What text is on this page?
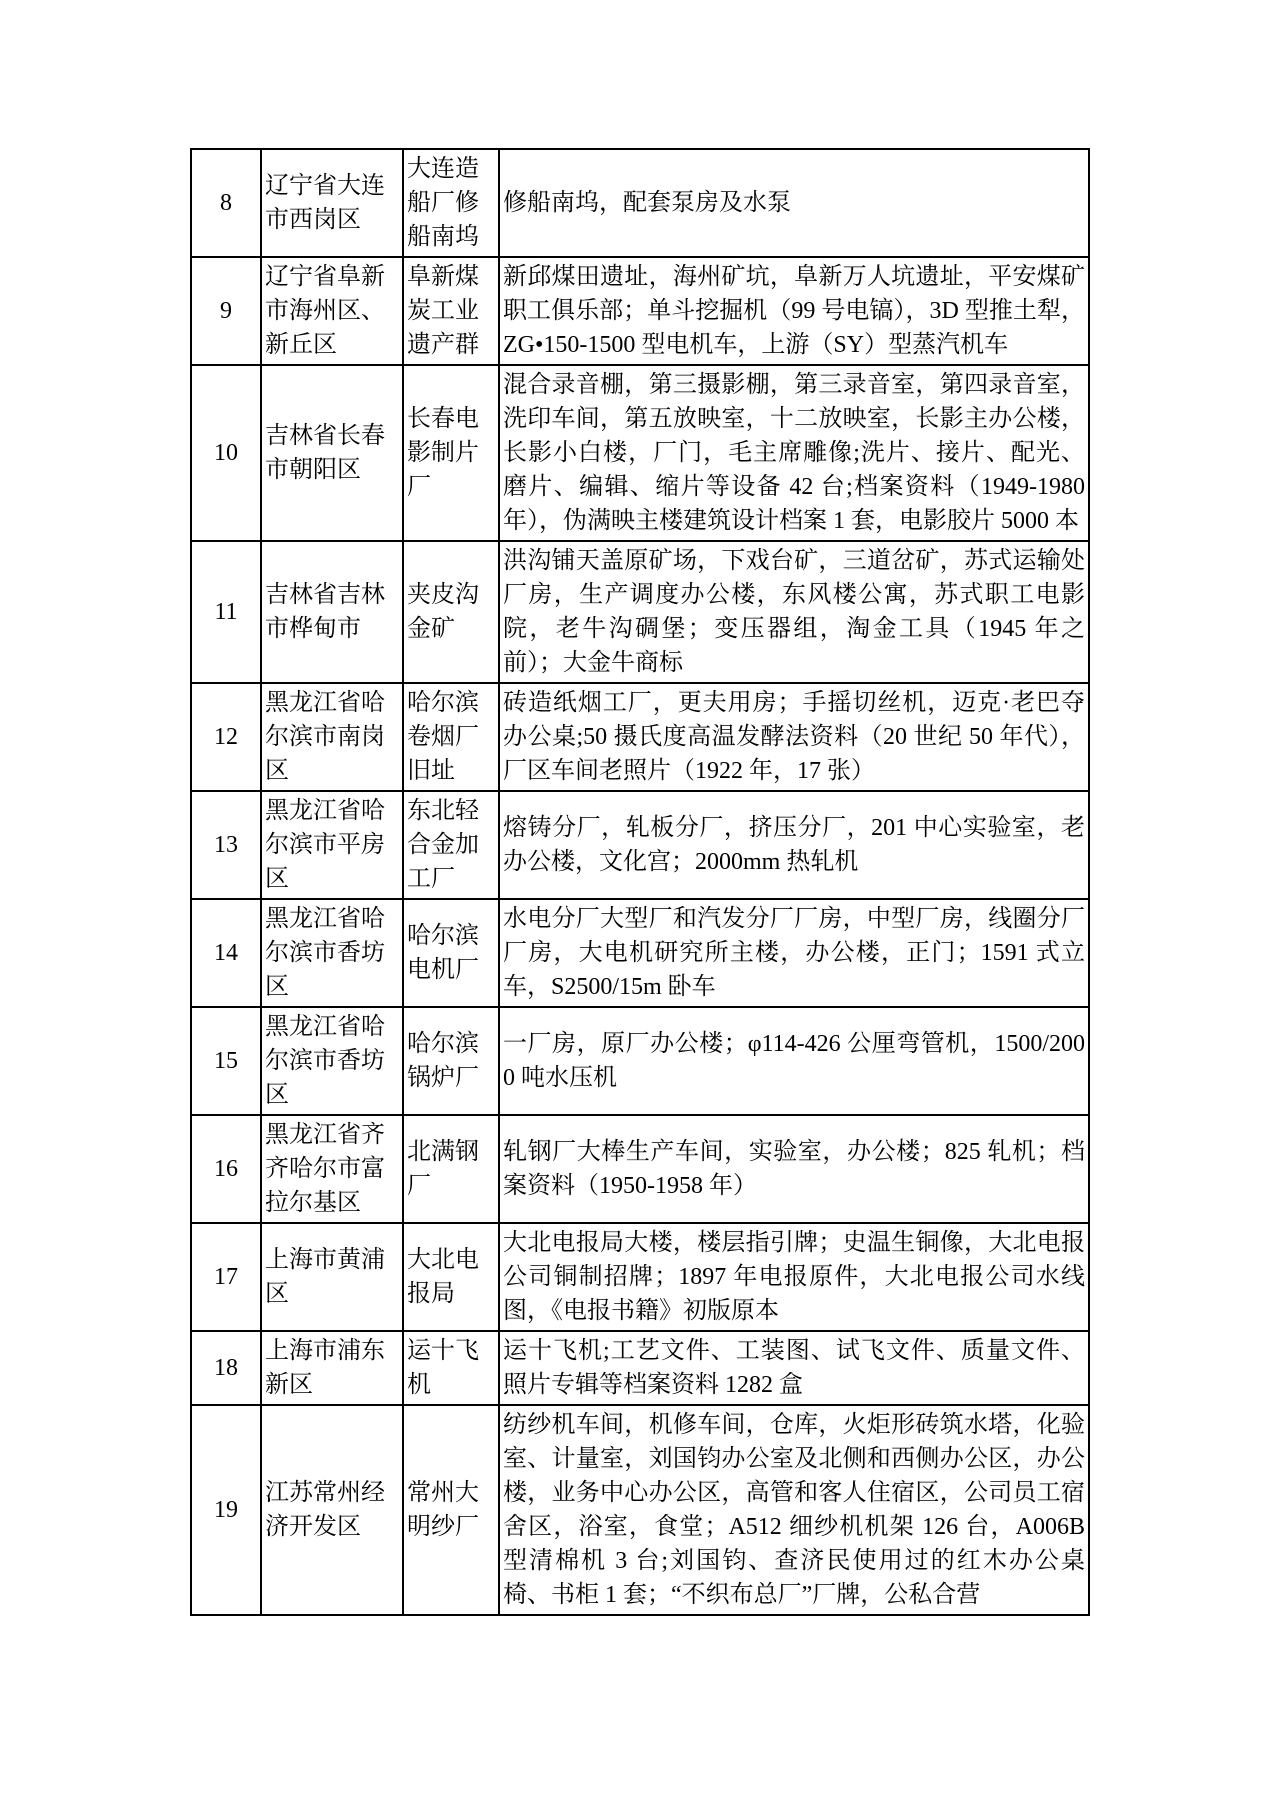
8	辽宁省大连市西岗区	大连造船厂修船南坞	修船南坞，配套泵房及水泵
9	辽宁省阜新市海州区、新丘区	阜新煤炭工业遗产群	新邱煤田遗址，海州矿坑，阜新万人坑遗址，平安煤矿职工俱乐部；单斗挖掘机（99 号电镐），3D 型推土犁，ZG•150-1500 型电机车，上游（SY）型蒸汽机车
10	吉林省长春市朝阳区	长春电影制片厂	混合录音棚，第三摄影棚，第三录音室，第四录音室，洗印车间，第五放映室，十二放映室，长影主办公楼，长影小白楼，厂门，毛主席雕像;洗片、接片、配光、磨片、编辑、缩片等设备 42 台;档案资料（1949-1980 年），伪满映主楼建筑设计档案 1 套，电影胶片 5000 本
11	吉林省吉林市桦甸市	夹皮沟金矿	洪沟铺天盖原矿场，下戏台矿，三道岔矿，苏式运输处厂房，生产调度办公楼，东风楼公寓，苏式职工电影院，老牛沟碉堡；变压器组，淘金工具（1945 年之前）；大金牛商标
12	黑龙江省哈尔滨市南岗区	哈尔滨卷烟厂旧址	砖造纸烟工厂，更夫用房；手摇切丝机，迈克·老巴夺办公桌;50 摄氏度高温发酵法资料（20 世纪 50 年代），厂区车间老照片（1922 年，17 张）
13	黑龙江省哈尔滨市平房区	东北轻合金加工厂	熔铸分厂，轧板分厂，挤压分厂，201 中心实验室，老办公楼，文化宫；2000mm 热轧机
14	黑龙江省哈尔滨市香坊区	哈尔滨电机厂	水电分厂大型厂和汽发分厂厂房，中型厂房，线圈分厂厂房，大电机研究所主楼，办公楼，正门；1591 式立车，S2500/15m 卧车
15	黑龙江省哈尔滨市香坊区	哈尔滨锅炉厂	一厂房，原厂办公楼；φ114-426 公厘弯管机，1500/2000 吨水压机
16	黑龙江省齐齐哈尔市富拉尔基区	北满钢厂	轧钢厂大棒生产车间，实验室，办公楼；825 轧机；档案资料（1950-1958 年）
17	上海市黄浦区	大北电报局	大北电报局大楼，楼层指引牌；史温生铜像，大北电报公司铜制招牌；1897 年电报原件，大北电报公司水线图，《电报书籍》初版原本
18	上海市浦东新区	运十飞机	运十飞机;工艺文件、工装图、试飞文件、质量文件、照片专辑等档案资料 1282 盒
19	江苏常州经济开发区	常州大明纱厂	纺纱机车间，机修车间，仓库，火炬形砖筑水塔，化验室、计量室，刘国钧办公室及北侧和西侧办公区，办公楼，业务中心办公区，高管和客人住宿区，公司员工宿舍区，浴室，食堂；A512 细纱机机架 126 台，A006B 型清棉机 3 台;刘国钧、查济民使用过的红木办公桌椅、书柜 1 套；“不织布总厂”厂牌，公私合营
